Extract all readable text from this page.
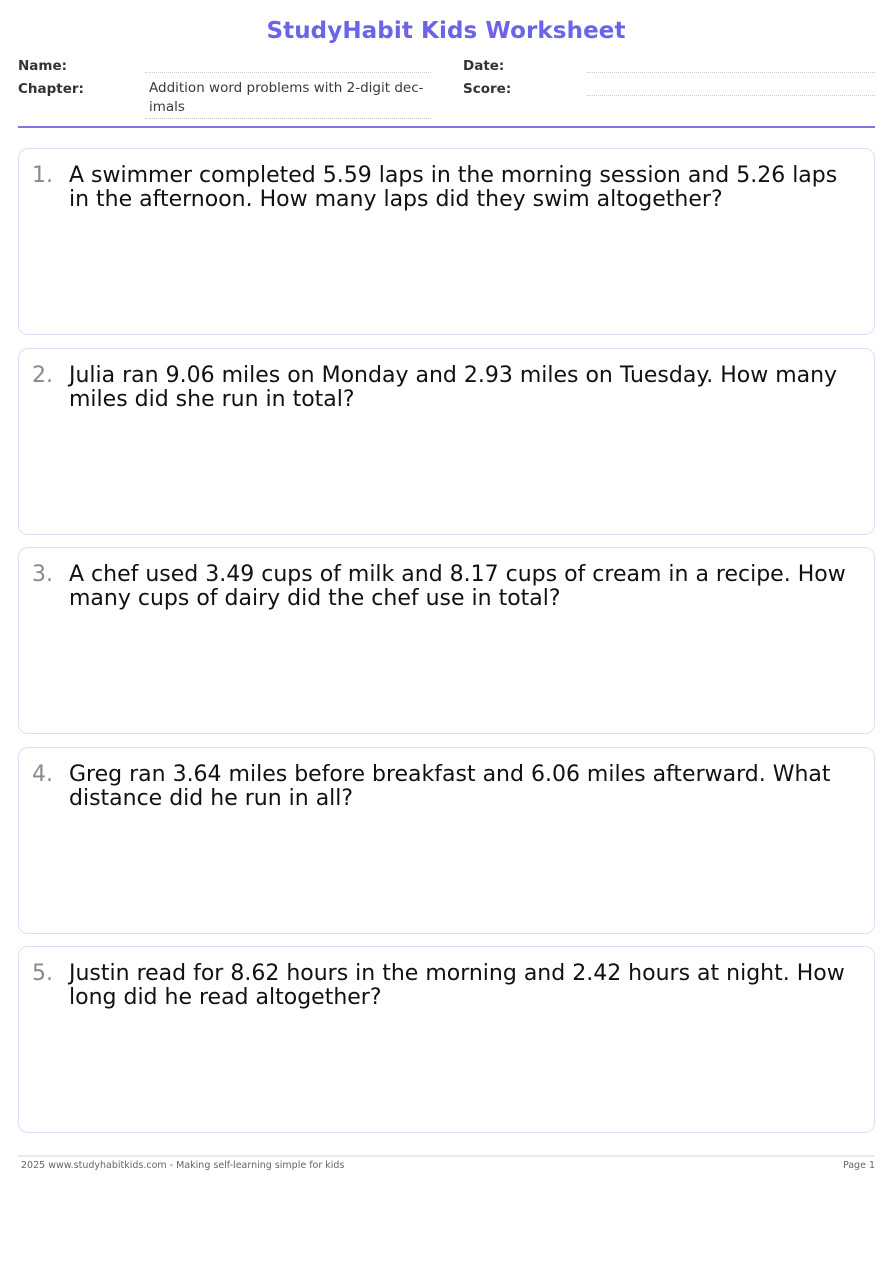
StudyHabit Kids Worksheet
Name:
Chapter:	Addition word problems with 2-digit dec- imals
Date:
Score:
1. A swimmer completed 5.59 laps in the morning session and 5.26 laps in the afternoon. How many laps did they swim altogether?
2. Julia ran 9.06 miles on Monday and 2.93 miles on Tuesday. How many miles did she run in total?
3. A chef used 3.49 cups of milk and 8.17 cups of cream in a recipe. How many cups of dairy did the chef use in total?
4. Greg ran 3.64 miles before breakfast and 6.06 miles afterward. What distance did he run in all?
5. Justin read for 8.62 hours in the morning and 2.42 hours at night. How long did he read altogether?
2025 www.studyhabitkids.com - Making self-learning simple for kids	Page 1
